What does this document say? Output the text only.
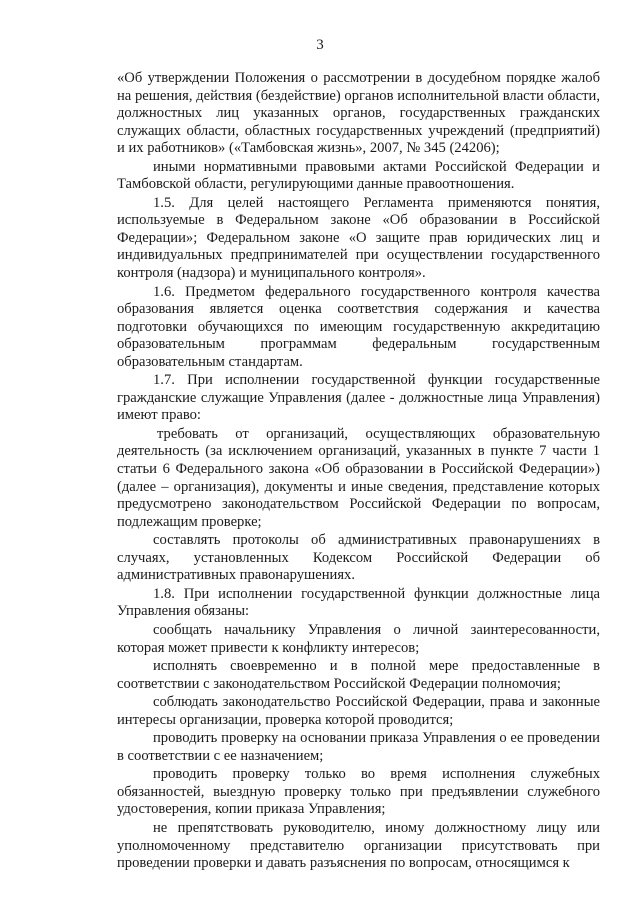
3

«Об утверждении Положения о рассмотрении в досудебном порядке жалоб на решения, действия (бездействие) органов исполнительной власти области, должностных лиц указанных органов, государственных гражданских служащих области, областных государственных учреждений (предприятий) и их работников» («Тамбовская жизнь», 2007, № 345 (24206);

иными нормативными правовыми актами Российской Федерации и Тамбовской области, регулирующими данные правоотношения.

1.5. Для целей настоящего Регламента применяются понятия, используемые в Федеральном законе «Об образовании в Российской Федерации»; Федеральном законе «О защите прав юридических лиц и индивидуальных предпринимателей при осуществлении государственного контроля (надзора) и муниципального контроля».

1.6. Предметом федерального государственного контроля качества образования является оценка соответствия содержания и качества подготовки обучающихся по имеющим государственную аккредитацию образовательным программам федеральным государственным образовательным стандартам.

1.7. При исполнении государственной функции государственные гражданские служащие Управления (далее - должностные лица Управления) имеют право:

требовать от организаций, осуществляющих образовательную деятельность (за исключением организаций, указанных в пункте 7 части 1 статьи 6 Федерального закона «Об образовании в Российской Федерации») (далее – организация), документы и иные сведения, представление которых предусмотрено законодательством Российской Федерации по вопросам, подлежащим проверке;

составлять протоколы об административных правонарушениях в случаях, установленных Кодексом Российской Федерации об административных правонарушениях.

1.8. При исполнении государственной функции должностные лица Управления обязаны:

сообщать начальнику Управления о личной заинтересованности, которая может привести к конфликту интересов;

исполнять своевременно и в полной мере предоставленные в соответствии с законодательством Российской Федерации полномочия;

соблюдать законодательство Российской Федерации, права и законные интересы организации, проверка которой проводится;

проводить проверку на основании приказа Управления о ее проведении в соответствии с ее назначением;

проводить проверку только во время исполнения служебных обязанностей, выездную проверку только при предъявлении служебного удостоверения, копии приказа Управления;

не препятствовать руководителю, иному должностному лицу или уполномоченному представителю организации присутствовать при проведении проверки и давать разъяснения по вопросам, относящимся к
